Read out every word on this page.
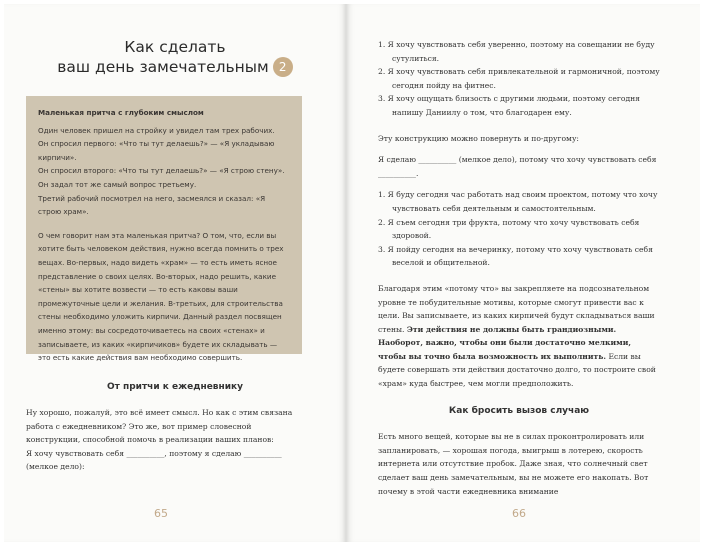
Как сделать
ваш день замечательным 2
Маленькая притча с глубоким смыслом

Один человек пришел на стройку и увидел там трех рабочих.

Он спросил первого: «Что ты тут делаешь?» — «Я укладываю кирпичи».

Он спросил второго: «Что ты тут делаешь?» — «Я строю стену».

Он задал тот же самый вопрос третьему.

Третий рабочий посмотрел на него, засмеялся и сказал: «Я строю храм».

О чем говорит нам эта маленькая притча? О том, что, если вы хотите быть человеком действия, нужно всегда помнить о трех вещах. Во-первых, надо видеть «храм» — то есть иметь ясное представление о своих целях. Во-вторых, надо решить, какие «стены» вы хотите возвести — то есть каковы ваши промежуточные цели и желания. В-третьих, для строительства стены необходимо уложить кирпичи. Данный раздел посвящен именно этому: вы сосредоточиваетесь на своих «стенах» и записываете, из каких «кирпичиков» будете их складывать — это есть какие действия вам необходимо совершить.

От притчи к ежедневнику

Ну хорошо, пожалуй, это всё имеет смысл. Но как с этим связана работа с ежедневником? Это же, вот пример словесной конструкции, способной помочь в реализации ваших планов:

Я хочу чувствовать себя __________, поэтому я сделаю __________ (мелкое дело):

65

1. Я хочу чувствовать себя уверенно, поэтому на совещании не буду сутулиться.

2. Я хочу чувствовать себя привлекательной и гармоничной, поэтому сегодня пойду на фитнес.

3. Я хочу ощущать близость с другими людьми, поэтому сегодня напишу Даниилу о том, что благодарен ему.

Эту конструкцию можно повернуть и по-другому:

Я сделаю __________ (мелкое дело), потому что хочу чувствовать себя __________.

1. Я буду сегодня час работать над своим проектом, потому что хочу чувствовать себя деятельным и самостоятельным.

2. Я съем сегодня три фрукта, потому что хочу чувствовать себя здоровой.

3. Я пойду сегодня на вечеринку, потому что хочу чувствовать себя веселой и общительной.

Благодаря этим «потому что» вы закрепляете на подсознательном уровне те побудительные мотивы, которые смогут привести вас к цели. Вы записываете, из каких кирпичей будут складываться ваши стены. Эти действия не должны быть грандиозными. Наоборот, важно, чтобы они были достаточно мелкими, чтобы вы точно была возможность их выполнить. Если вы будете совершать эти действия достаточно долго, то построите свой «храм» куда быстрее, чем могли предположить.

Как бросить вызов случаю

Есть много вещей, которые вы не в силах проконтролировать или запланировать, — хорошая погода, выигрыш в лотерею, скорость интернета или отсутствие пробок. Даже зная, что солнечный свет сделает ваш день замечательным, вы не можете его накопать. Вот почему в этой части ежедневника внимание

66
